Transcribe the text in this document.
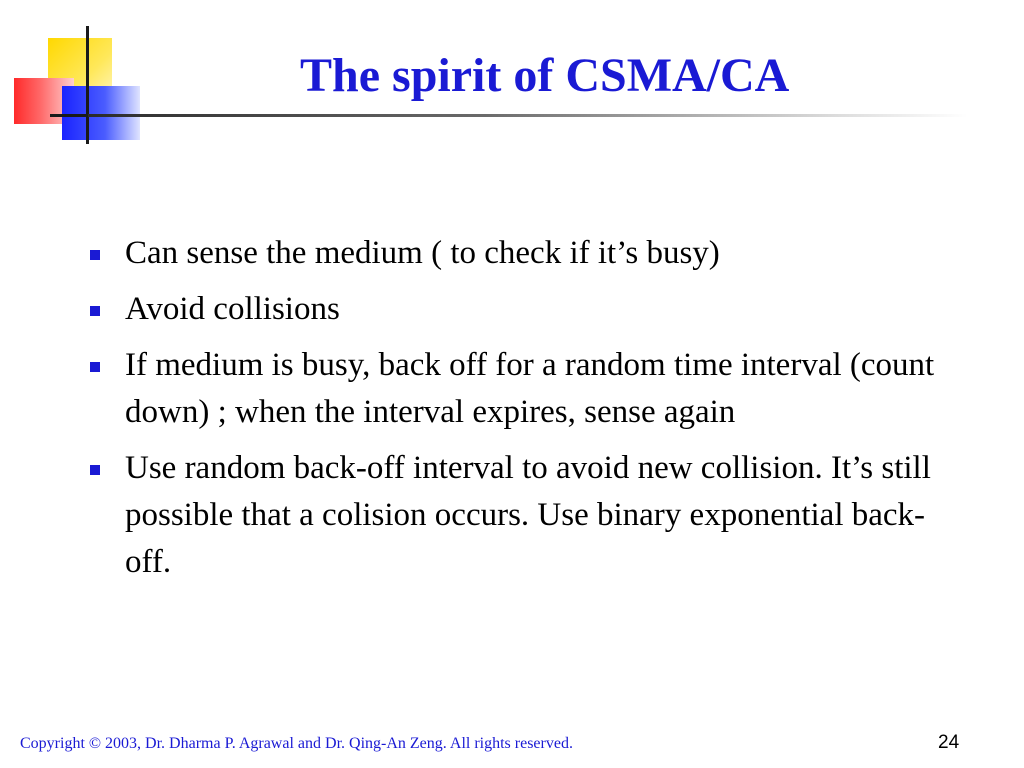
The spirit of CSMA/CA
Can sense the medium ( to check if it’s busy)
Avoid collisions
If medium is busy, back off for a random time interval (count down) ; when the interval expires, sense again
Use random back-off interval to avoid new collision. It’s still possible that a colision occurs. Use binary exponential back-off.
Copyright © 2003, Dr. Dharma P. Agrawal and Dr. Qing-An Zeng. All rights reserved.	24
